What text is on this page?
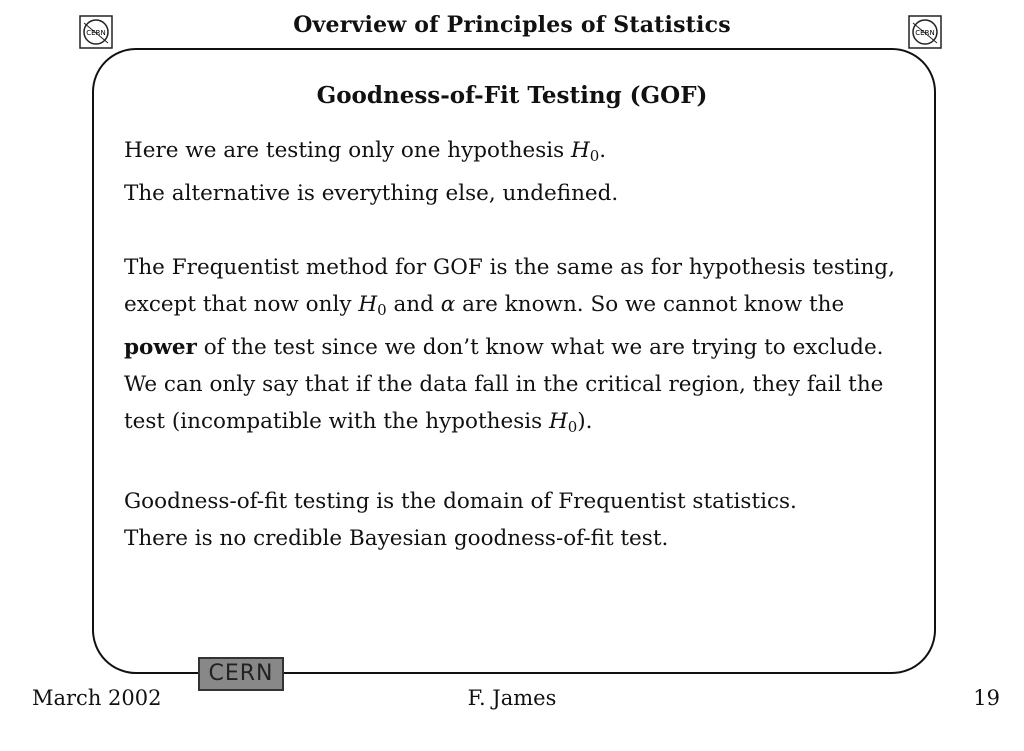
CERN	Overview of Principles of Statistics	CERN
Goodness-of-Fit Testing (GOF)

Here we are testing only one hypothesis $H_0$.
The alternative is everything else, undefined.

The Frequentist method for GOF is the same as for hypothesis testing, except that now only $H_0$ and α are known. So we cannot know the power of the test since we don’t know what we are trying to exclude.

We can only say that if the data fall in the critical region, they fail the test (incompatible with the hypothesis $H_0$).

Goodness-of-fit testing is the domain of Frequentist statistics.
There is no credible Bayesian goodness-of-fit test.

CERN
March 2002	F. James	19
